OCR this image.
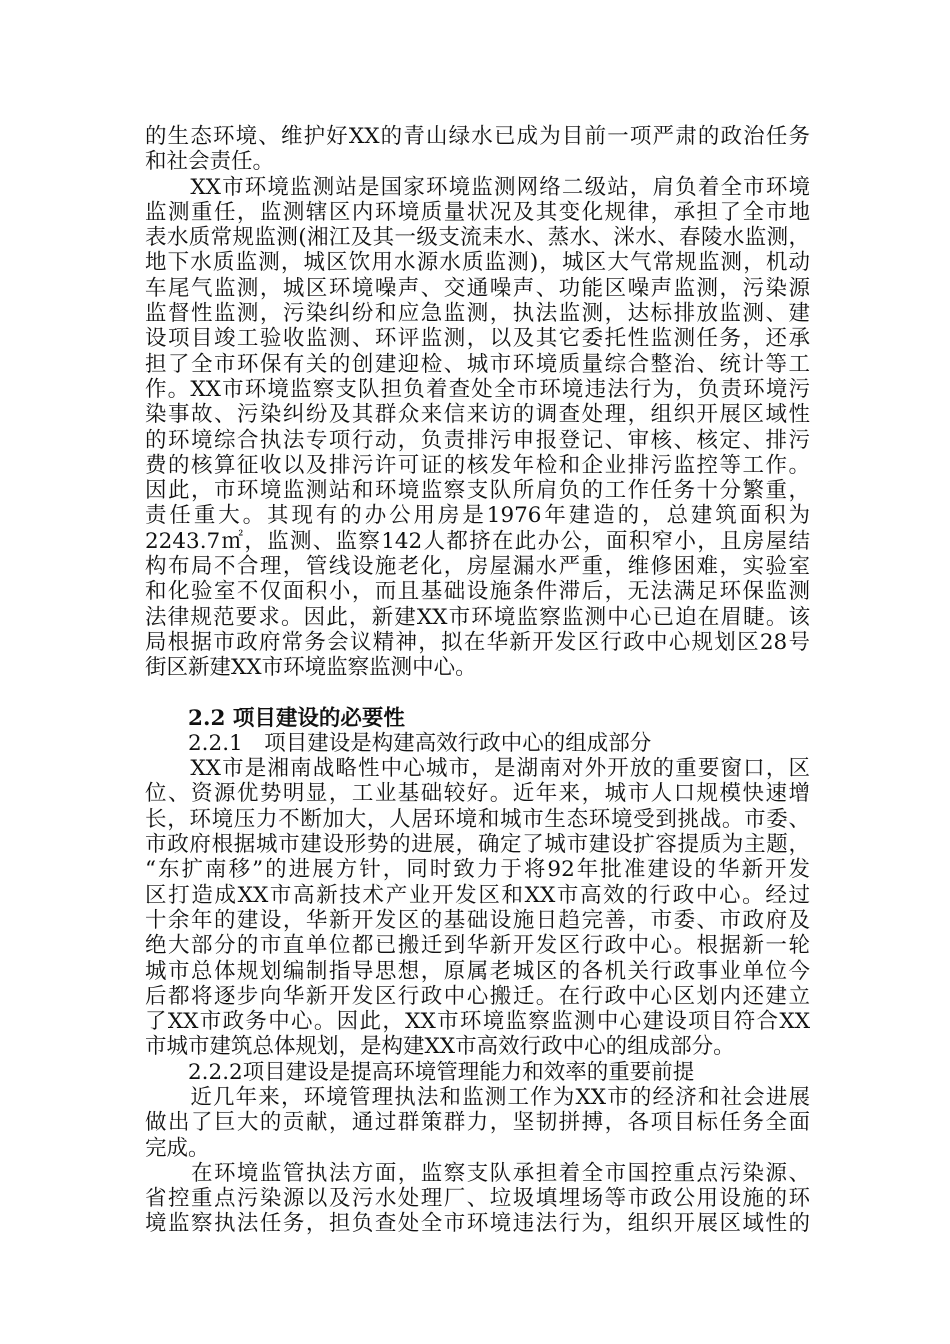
的生态环境、维护好XX的青山绿水已成为目前一项严肃的政治任务
和社会责任。
　　XX市环境监测站是国家环境监测网络二级站，肩负着全市环境
监测重任，监测辖区内环境质量状况及其变化规律，承担了全市地
表水质常规监测(湘江及其一级支流耒水、蒸水、洣水、春陵水监测，
地下水质监测，城区饮用水源水质监测)，城区大气常规监测，机动
车尾气监测，城区环境噪声、交通噪声、功能区噪声监测，污染源
监督性监测，污染纠纷和应急监测，执法监测，达标排放监测、建
设项目竣工验收监测、环评监测，以及其它委托性监测任务，还承
担了全市环保有关的创建迎检、城市环境质量综合整治、统计等工
作。XX市环境监察支队担负着查处全市环境违法行为，负责环境污
染事故、污染纠纷及其群众来信来访的调查处理，组织开展区域性
的环境综合执法专项行动，负责排污申报登记、审核、核定、排污
费的核算征收以及排污许可证的核发年检和企业排污监控等工作。
因此，市环境监测站和环境监察支队所肩负的工作任务十分繁重，
责任重大。其现有的办公用房是1976年建造的，总建筑面积为
2243.7㎡，监测、监察142人都挤在此办公，面积窄小，且房屋结
构布局不合理，管线设施老化，房屋漏水严重，维修困难，实验室
和化验室不仅面积小，而且基础设施条件滞后，无法满足环保监测
法律规范要求。因此，新建XX市环境监察监测中心已迫在眉睫。该
局根据市政府常务会议精神，拟在华新开发区行政中心规划区28号
街区新建XX市环境监察监测中心。
　　2.2 项目建设的必要性
　　2.2.1　项目建设是构建高效行政中心的组成部分
　　XX市是湘南战略性中心城市，是湖南对外开放的重要窗口，区
位、资源优势明显，工业基础较好。近年来，城市人口规模快速增
长，环境压力不断加大，人居环境和城市生态环境受到挑战。市委、
市政府根据城市建设形势的进展，确定了城市建设扩容提质为主题，
“东扩南移”的进展方针，同时致力于将92年批准建设的华新开发
区打造成XX市高新技术产业开发区和XX市高效的行政中心。经过
十余年的建设，华新开发区的基础设施日趋完善，市委、市政府及
绝大部分的市直单位都已搬迁到华新开发区行政中心。根据新一轮
城市总体规划编制指导思想，原属老城区的各机关行政事业单位今
后都将逐步向华新开发区行政中心搬迁。在行政中心区划内还建立
了XX市政务中心。因此，XX市环境监察监测中心建设项目符合XX
市城市建筑总体规划，是构建XX市高效行政中心的组成部分。
　　2.2.2项目建设是提高环境管理能力和效率的重要前提
　　近几年来，环境管理执法和监测工作为XX市的经济和社会进展
做出了巨大的贡献，通过群策群力，坚韧拼搏，各项目标任务全面
完成。
　　在环境监管执法方面，监察支队承担着全市国控重点污染源、
省控重点污染源以及污水处理厂、垃圾填埋场等市政公用设施的环
境监察执法任务，担负查处全市环境违法行为，组织开展区域性的
